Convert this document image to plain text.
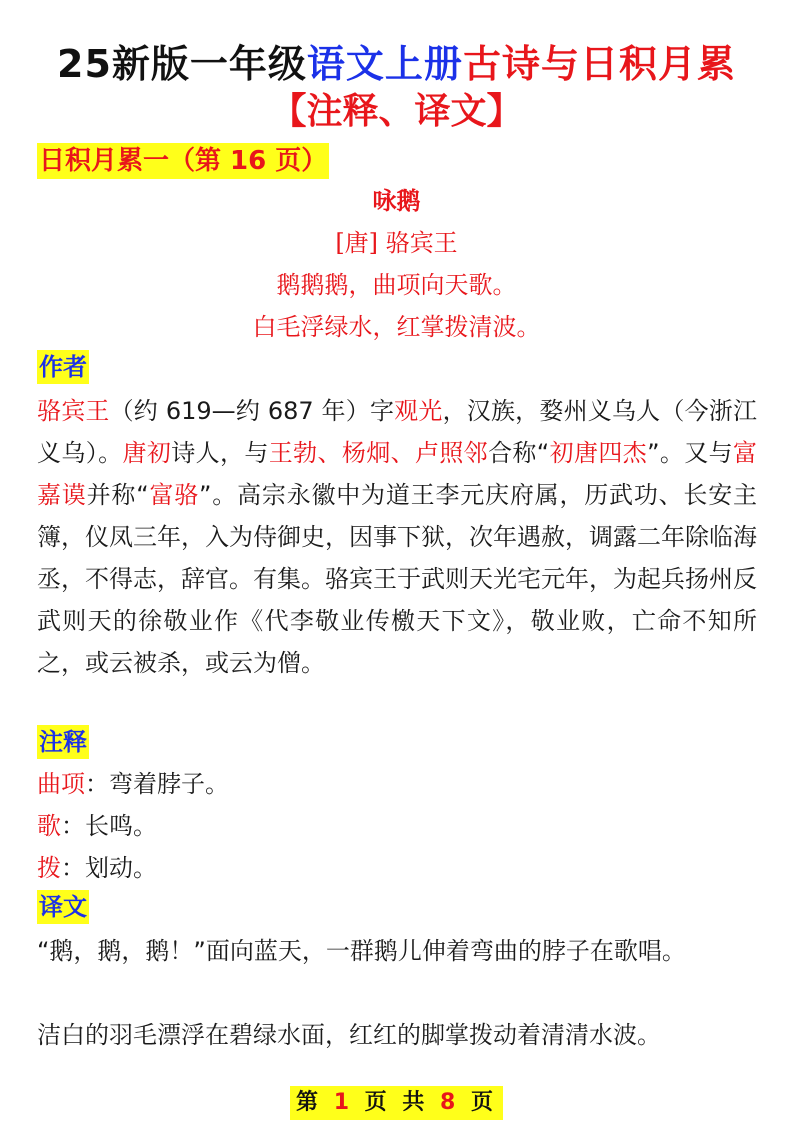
25新版一年级语文上册古诗与日积月累
【注释、译文】
日积月累一（第 16 页）
咏鹅
[唐] 骆宾王
鹅鹅鹅，曲项向天歌。
白毛浮绿水，红掌拨清波。
作者
骆宾王（约 619—约 687 年）字观光，汉族，婺州义乌人（今浙江义乌）。唐初诗人，与王勃、杨炯、卢照邻合称“初唐四杰”。又与富嘉谟并称“富骆”。高宗永徽中为道王李元庆府属，历武功、长安主簿，仪凤三年，入为侍御史，因事下狱，次年遇赦，调露二年除临海丞，不得志，辞官。有集。骆宾王于武则天光宅元年，为起兵扬州反武则天的徐敬业作《代李敬业传檄天下文》，敬业败，亡命不知所之，或云被杀，或云为僧。
注释
曲项：弯着脖子。
歌：长鸣。
拨：划动。
译文
“鹅，鹅，鹅！”面向蓝天，一群鹅儿伸着弯曲的脖子在歌唱。
洁白的羽毛漂浮在碧绿水面，红红的脚掌拨动着清清水波。
第 1 页 共 8 页
